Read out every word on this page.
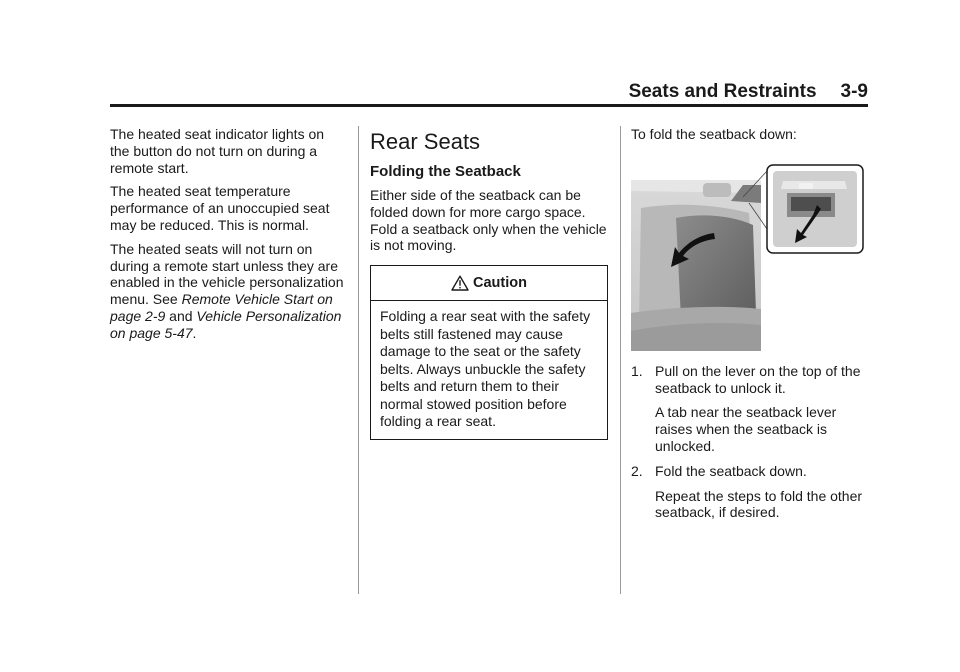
Seats and Restraints 3-9

The heated seat indicator lights on the button do not turn on during a remote start.

The heated seat temperature performance of an unoccupied seat may be reduced. This is normal.

The heated seats will not turn on during a remote start unless they are enabled in the vehicle personalization menu. See Remote Vehicle Start on page 2-9 and Vehicle Personalization on page 5-47.

Rear Seats
Folding the Seatback

Either side of the seatback can be folded down for more cargo space. Fold a seatback only when the vehicle is not moving.

Caution
Folding a rear seat with the safety belts still fastened may cause damage to the seat or the safety belts. Always unbuckle the safety belts and return them to their normal stowed position before folding a rear seat.

To fold the seatback down:

1. Pull on the lever on the top of the seatback to unlock it.
A tab near the seatback lever raises when the seatback is unlocked.
2. Fold the seatback down.
Repeat the steps to fold the other seatback, if desired.
